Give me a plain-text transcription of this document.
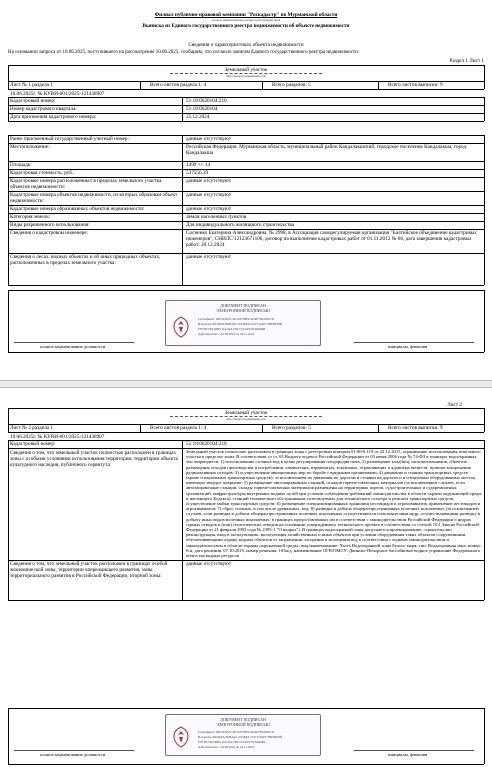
Филиал публично-правовой компании "Роскадастр" по Мурманской области
полное наименование органа регистрации прав
Выписка из Единого государственного реестра недвижимости об объекте недвижимости
Сведения о характеристиках объекта недвижимости
На основании запроса от 10.06.2025, поступившего на рассмотрение 10.06.2025, сообщаем, что согласно записям Единого государственного реестра недвижимости:
Раздел 1 Лист 1
Земельный участок
вид объекта недвижимости
Лист № 1 раздела 1	Всего листов раздела 1: 4	Всего разделов: 5	Всего листов выписки: 9
10.06.2025г. № КУВИ-001/2025-121438907
Кадастровый номер:	51:18:0020104:210
Номер кадастрового квартала:	51:18:0020104
Дата присвоения кадастрового номера:	25.12.2024
Ранее присвоенный государственный учетный номер:	данные отсутствуют
Местоположение:	Российская Федерация, Мурманская область, муниципальный район Кандалакшский, городское поселение Кандалакша, город Кандалакша
Площадь:	1499 +/- 14
Кадастровая стоимость, руб.:	537556.39
Кадастровые номера расположенных в пределах земельного участка объектов недвижимости:
данные отсутствуют
Кадастровые номера объектов недвижимости, из которых образован объект недвижимости:
данные отсутствуют
Кадастровые номера образованных объектов недвижимости:	данные отсутствуют
Категория земель:	Земли населенных пунктов
Виды разрешенного использования:	Для индивидуального жилищного строительства
Сведения о кадастровом инженере:	Сосненко Екатерина Александровна, № 2998, в Ассоциация саморегулируемая организация "Балтийское объединение кадастровых инженеров", СНИЛС 12123671106, договор на выполнение кадастровых работ от 01.11.2012 № 86, дата завершения кадастровых работ: 20.12.2024
Сведения о лесах, водных объектах и об иных природных объектах, расположенных в пределах земельного участка:
данные отсутствуют
ДОКУМЕНТ ПОДПИСАН
ЭЛЕКТРОННОЙ ПОДПИСЬЮ
Сертификат: 00D1E8A1C4E35A78B5C4D4E7B2A08C45
Владелец: ФЕДЕРАЛЬНАЯ СЛУЖБА ГОСУДАРСТВЕННОЙ
РЕГИСТРАЦИИ, КАДАСТРА И КАРТОГРАФИИ
Действителен: с 02.09.2024 по 26.11.2025
полное наименование должности	инициалы, фамилия
Лист 2
Земельный участок
вид объекта недвижимости
Лист № 2 раздела 1	Всего листов раздела 1: 4	Всего разделов: 5	Всего листов выписки: 9
10.06.2025г. № КУВИ-001/2025-121438907
Кадастровый номер:	51:18:0020104:210
Сведения о том, что земельный участок полностью расположен в границах зоны с особыми условиями использования территории, территории объекта культурного наследия, публичного сервитута:
Земельный участок полностью расположен в границах зоны с реестровым номером 51:00-6.119 от 22.12.2015, ограничение использования земельного участка в пределах зоны: В соответствии со ст. 65 Водного кодекса Российской Федерации от 03 июня 2006 года № 74-ФЗ в границах водоохранных зон запрещается: 1) использование сточных вод в целях регулирования плодородия почв; 2) размещение кладбищ, скотомогильников, объектов размещения отходов производства и потребления, химических, взрывчатых, токсичных, отравляющих и ядовитых веществ, пунктов захоронения радиоактивных отходов; 3) осуществление авиационных мер по борьбе с вредными организмами; 4) движение и стоянка транспортных средств (кроме специальных транспортных средств), за исключением их движения по дорогам и стоянки на дорогах и в специально оборудованных местах, имеющих твердое покрытие; 5) размещение автозаправочных станций, складов горюче-смазочных материалов (за исключением случаев, если автозаправочные станции, склады горюче-смазочных материалов размещены на территориях портов, судостроительных и судоремонтных организаций, инфраструктуры внутренних водных путей при условии соблюдения требований законодательства в области охраны окружающей среды и настоящего Кодекса), станций технического обслуживания, используемых для технического осмотра и ремонта транспортных средств, осуществление мойки транспортных средств; 6) размещение специализированных хранилищ пестицидов и агрохимикатов, применение пестицидов и агрохимикатов; 7) сброс сточных, в том числе дренажных, вод; 8) разведка и добыча общераспространенных полезных ископаемых (за исключением случаев, если разведка и добыча общераспространенных полезных ископаемых осуществляются пользователями недр, осуществляющими разведку и добычу иных видов полезных ископаемых, в границах предоставленных им в соответствии с законодательством Российской Федерации о недрах горных отводов и (или) геологических отводов на основании утвержденного технического проекта в соответствии со статьей 19.1 Закона Российской Федерации от 21 февраля 1992 года № 2395-1 "О недрах"). В границах водоохранной зоны допускается проектирование, строительство, реконструкция, ввод в эксплуатацию, эксплуатация хозяйственных и иных объектов при условии оборудования таких объектов сооружениями, обеспечивающими охрану водных объектов от загрязнения, засорения и истощения вод в соответствии с водным законодательством и законодательством в области охраны окружающей среды., вид/наименование: Часть Водоохранной зоны Белого моря, тип: Водоохранная зона, номер: б/н, дата решения: 07.10.2015, номер решения: 105н/д, наименование ОГВ/ОМСУ: Двинско-Печорское бассейновое водное управление Федерального агентства водных ресурсов
Сведения о том, что земельный участок расположен в границах особой экономической зоны, территории опережающего развития, зоны территориального развития в Российской Федерации, игорной зоны:
данные отсутствуют
ДОКУМЕНТ ПОДПИСАН
ЭЛЕКТРОННОЙ ПОДПИСЬЮ
Сертификат: 00D1E8A1C4E35A78B5C4D4E7B2A08C45
Владелец: ФЕДЕРАЛЬНАЯ СЛУЖБА ГОСУДАРСТВЕННОЙ
РЕГИСТРАЦИИ, КАДАСТРА И КАРТОГРАФИИ
Действителен: с 02.09.2024 по 26.11.2025
полное наименование должности	инициалы, фамилия
